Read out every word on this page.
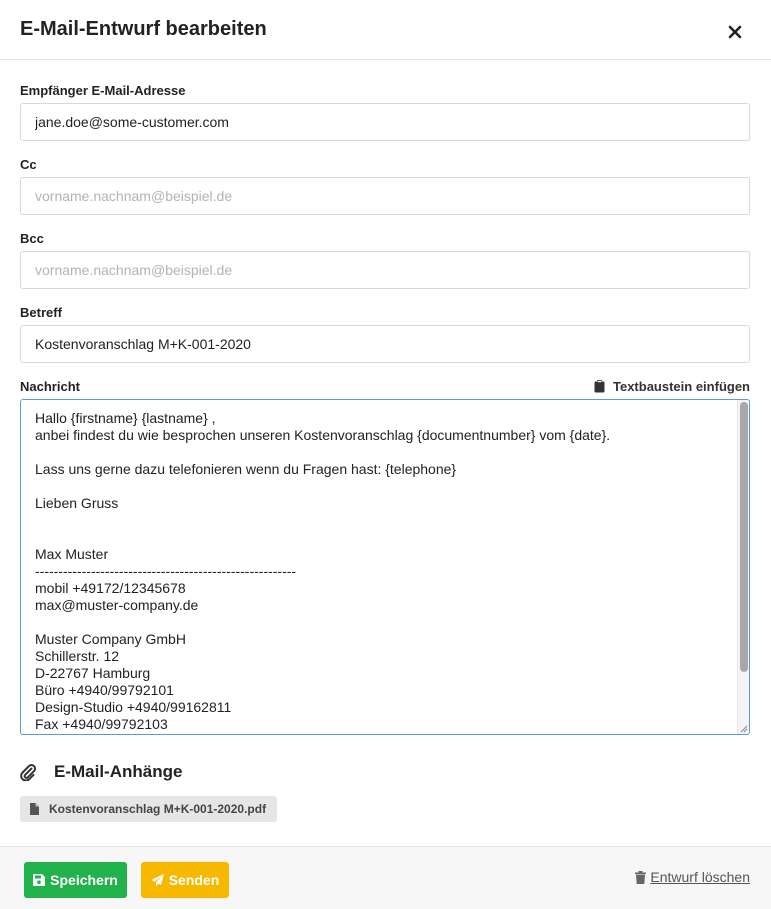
E-Mail-Entwurf bearbeiten
Empfänger E-Mail-Adresse
jane.doe@some-customer.com
Cc
vorname.nachnam@beispiel.de
Bcc
vorname.nachnam@beispiel.de
Betreff
Kostenvoranschlag M+K-001-2020
Nachricht	Textbaustein einfügen
Hallo {firstname} {lastname} ,
anbei findest du wie besprochen unseren Kostenvoranschlag {documentnumber} vom {date}.

Lass uns gerne dazu telefonieren wenn du Fragen hast: {telephone}

Lieben Gruss

Max Muster
--------------------------------------------------------
mobil +49172/12345678
max@muster-company.de

Muster Company GmbH
Schillerstr. 12
D-22767 Hamburg
Büro +4940/99792101
Design-Studio +4940/99162811
Fax +4940/99792103
E-Mail-Anhänge
Kostenvoranschlag M+K-001-2020.pdf
Speichern	Senden	Entwurf löschen
